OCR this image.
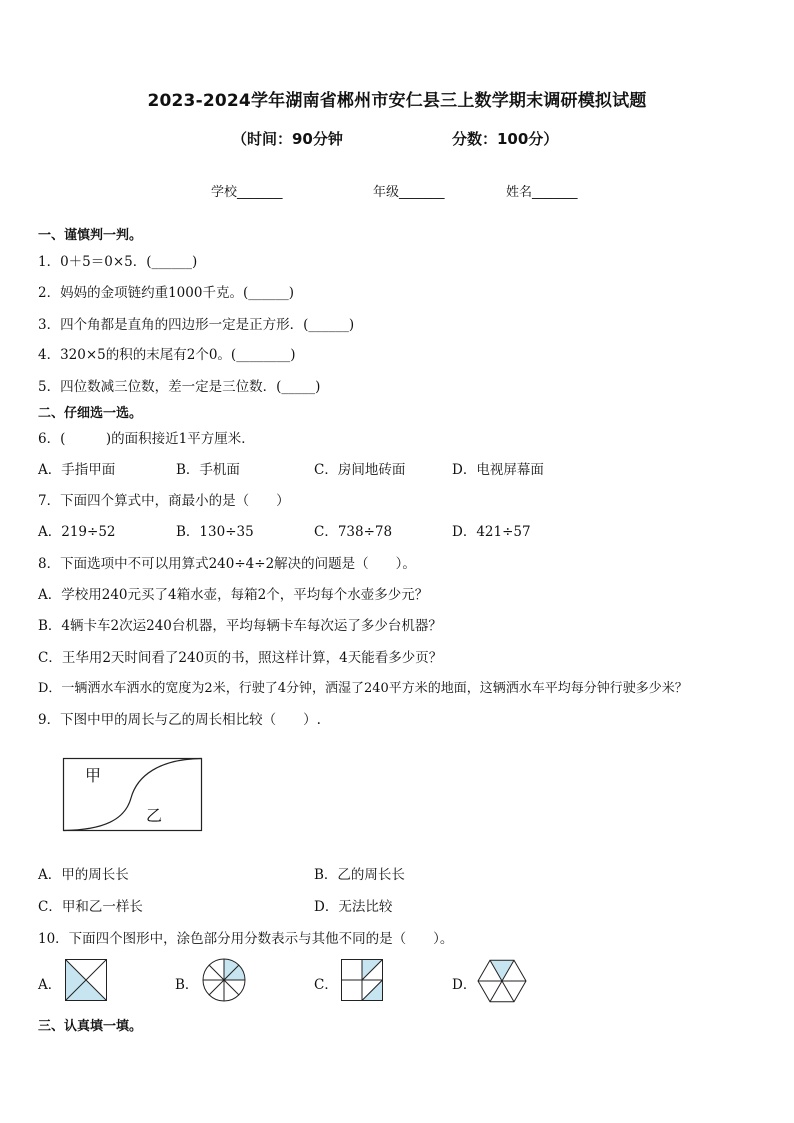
2023-2024学年湖南省郴州市安仁县三上数学期末调研模拟试题
（时间：90分钟	分数：100分）
学校_______	年级_______	姓名_______
一、谨慎判一判。
1．0＋5＝0×5．(______)
2．妈妈的金项链约重1000千克。(______)
3．四个角都是直角的四边形一定是正方形．(______)
4．320×5的积的末尾有2个0。(________)
5．四位数减三位数，差一定是三位数．(_____)
二、仔细选一选。
6．(　　　)的面积接近1平方厘米．
A．手指甲面	B．手机面	C．房间地砖面	D．电视屏幕面
7．下面四个算式中，商最小的是（　　）
A．219÷52	B．130÷35	C．738÷78	D．421÷57
8．下面选项中不可以用算式240÷4÷2解决的问题是（　　）。
A．学校用240元买了4箱水壶，每箱2个，平均每个水壶多少元？
B．4辆卡车2次运240台机器，平均每辆卡车每次运了多少台机器？
C．王华用2天时间看了240页的书，照这样计算，4天能看多少页？
D．一辆洒水车洒水的宽度为2米，行驶了4分钟，洒湿了240平方米的地面，这辆洒水车平均每分钟行驶多少米？
9．下图中甲的周长与乙的周长相比较（　　）.
甲
乙
A．甲的周长长	B．乙的周长长
C．甲和乙一样长	D．无法比较
10．下面四个图形中，涂色部分用分数表示与其他不同的是（　　）。
A．	B．	C．	D．
三、认真填一填。
